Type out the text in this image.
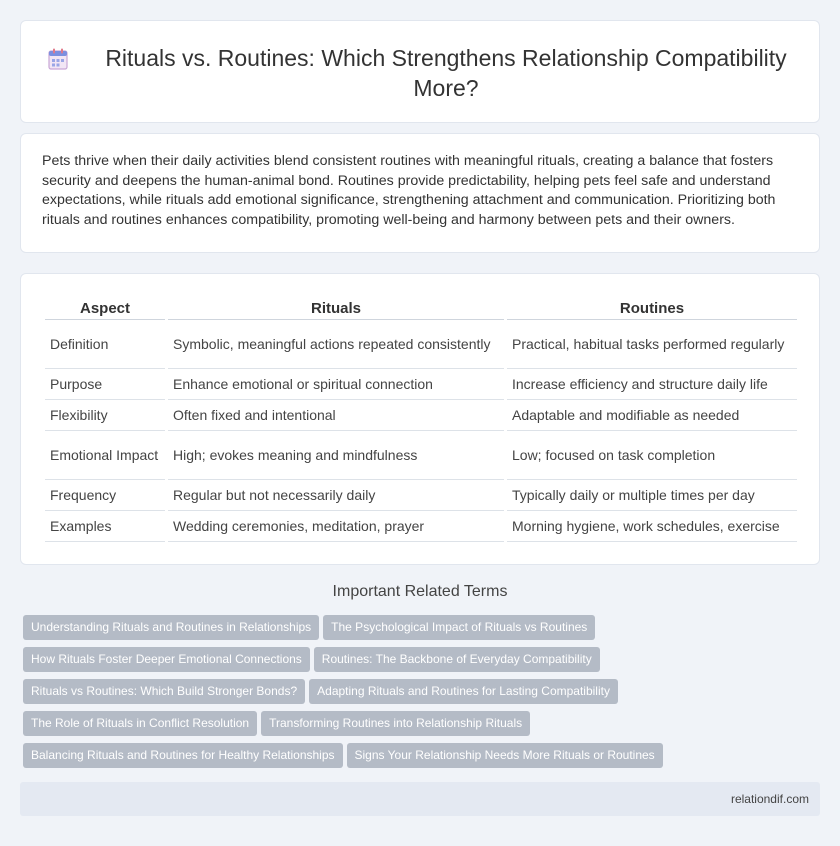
Rituals vs. Routines: Which Strengthens Relationship Compatibility More?

Pets thrive when their daily activities blend consistent routines with meaningful rituals, creating a balance that fosters security and deepens the human-animal bond. Routines provide predictability, helping pets feel safe and understand expectations, while rituals add emotional significance, strengthening attachment and communication. Prioritizing both rituals and routines enhances compatibility, promoting well-being and harmony between pets and their owners.

Aspect	Rituals	Routines
Definition	Symbolic, meaningful actions repeated consistently	Practical, habitual tasks performed regularly
Purpose	Enhance emotional or spiritual connection	Increase efficiency and structure daily life
Flexibility	Often fixed and intentional	Adaptable and modifiable as needed
Emotional Impact	High; evokes meaning and mindfulness	Low; focused on task completion
Frequency	Regular but not necessarily daily	Typically daily or multiple times per day
Examples	Wedding ceremonies, meditation, prayer	Morning hygiene, work schedules, exercise
Important Related Terms
Understanding Rituals and Routines in Relationships The Psychological Impact of Rituals vs Routines
How Rituals Foster Deeper Emotional Connections Routines: The Backbone of Everyday Compatibility
Rituals vs Routines: Which Build Stronger Bonds? Adapting Rituals and Routines for Lasting Compatibility
The Role of Rituals in Conflict Resolution Transforming Routines into Relationship Rituals
Balancing Rituals and Routines for Healthy Relationships Signs Your Relationship Needs More Rituals or Routines
relationdif.com
